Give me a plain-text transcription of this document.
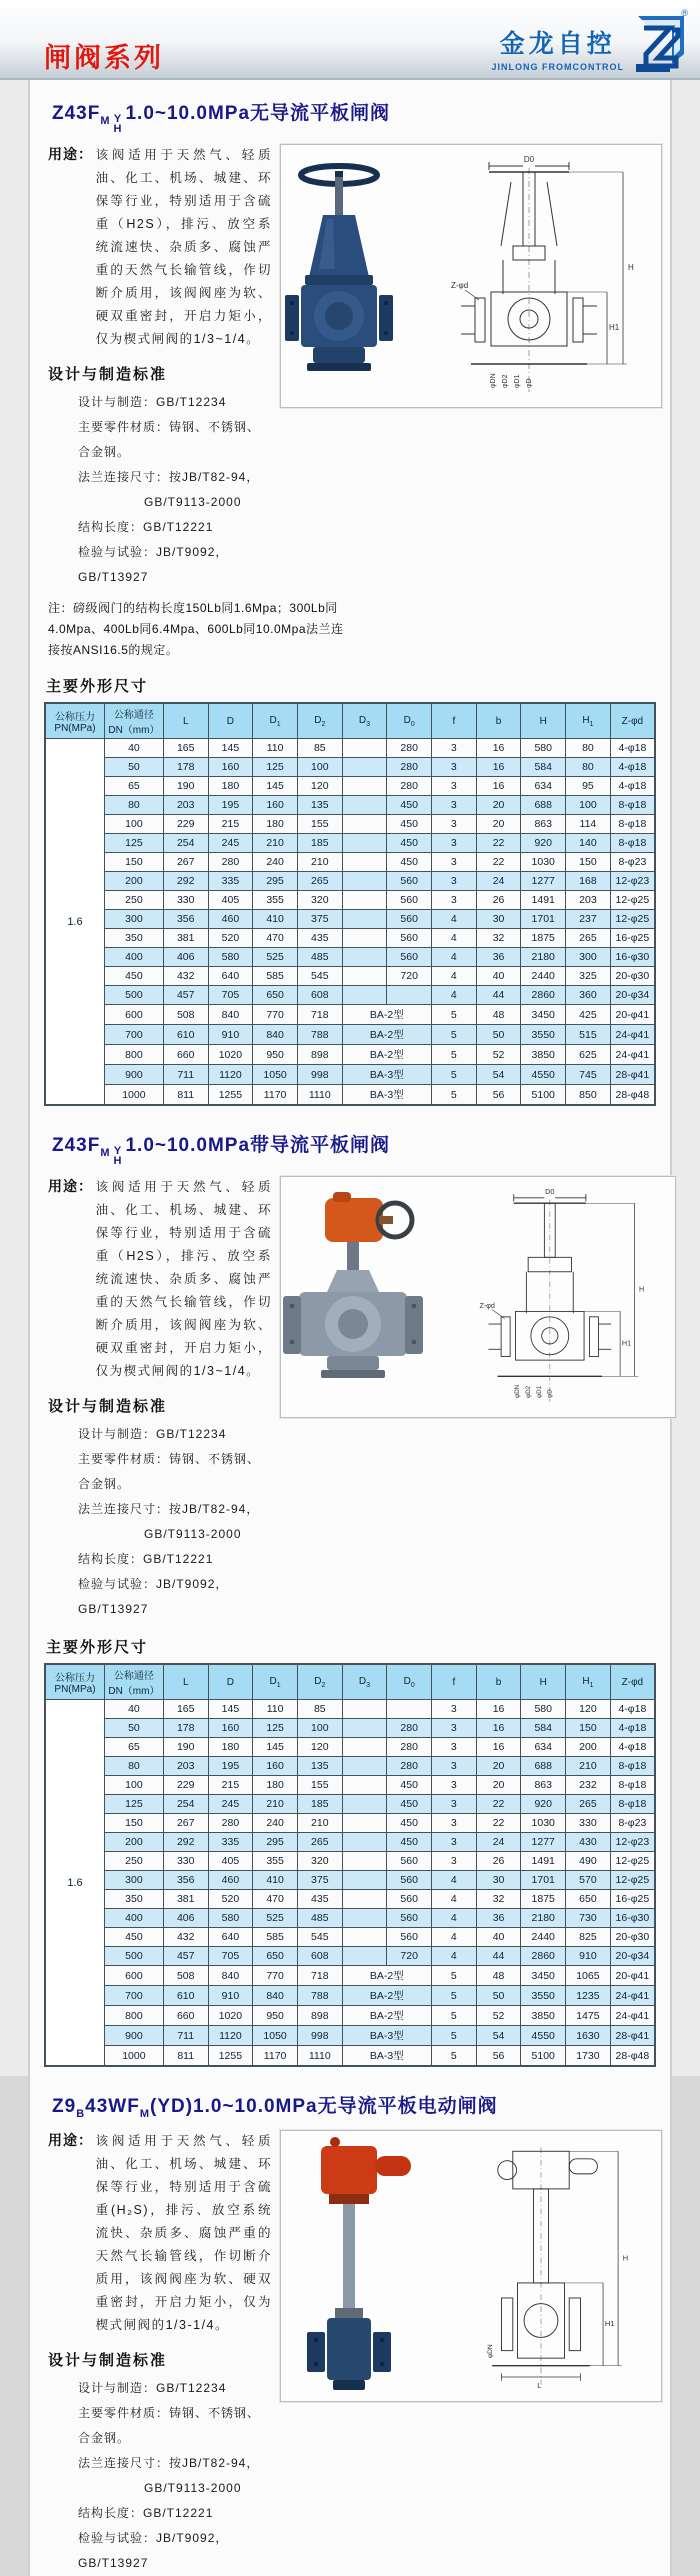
闸阀系列	金龙自控
JINLONG FROMCONTROL
®
$Z43F_M$ Y
H
1.0~10.0MPa无导流平板闸阀
用途： 该阀适用于天然气、轻质油、化工、机场、城建、环保等行业，特别适用于含硫重（H2S），排污、放空系统流速快、杂质多、腐蚀严重的天然气长输管线，作切断介质用，该阀阀座为软、硬双重密封，开启力矩小，仅为楔式闸阀的1/3~1/4。
设计与制造标准
设计与制造：GB/T12234
主要零件材质：铸钢、不锈钢、合金钢。
法兰连接尺寸：按JB/T82-94，
GB/T9113-2000
结构长度：GB/T12221
检验与试验：JB/T9092，GB/T13927
D0
Z-φd
H
H1
φDN φD2 φD1 φD
注：磅级阀门的结构长度150Lb同1.6Mpa；300Lb同4.0Mpa、400Lb同6.4Mpa、600Lb同10.0Mpa法兰连接按ANSI16.5的规定。
主要外形尺寸
公称压力
PN(MPa)	公称通径
DN（mm）	L	D	$D_1$	$D_2$	$D_3$	$D_0$	f	b	H	$H_1$	Z-φd
1.6	40	165	145	110	85		280	3	16	580	80	4-φ18
	50	178	160	125	100		280	3	16	584	80	4-φ18
	65	190	180	145	120		280	3	16	634	95	4-φ18
	80	203	195	160	135		450	3	20	688	100	8-φ18
	100	229	215	180	155		450	3	20	863	114	8-φ18
	125	254	245	210	185		450	3	22	920	140	8-φ18
	150	267	280	240	210		450	3	22	1030	150	8-φ23
	200	292	335	295	265		560	3	24	1277	168	12-φ23
	250	330	405	355	320		560	3	26	1491	203	12-φ25
	300	356	460	410	375		560	4	30	1701	237	12-φ25
	350	381	520	470	435		560	4	32	1875	265	16-φ25
	400	406	580	525	485		560	4	36	2180	300	16-φ30
	450	432	640	585	545		720	4	40	2440	325	20-φ30
	500	457	705	650	608			4	44	2860	360	20-φ34
	600	508	840	770	718	BA-2型		5	48	3450	425	20-φ41
	700	610	910	840	788	BA-2型		5	50	3550	515	24-φ41
	800	660	1020	950	898	BA-2型		5	52	3850	625	24-φ41
	900	711	1120	1050	998	BA-3型		5	54	4550	745	28-φ41
	1000	811	1255	1170	1110	BA-3型		5	56	5100	850	28-φ48
$Z43F_M$ Y
H
1.0~10.0MPa带导流平板闸阀
用途： 该阀适用于天然气、轻质油、化工、机场、城建、环保等行业，特别适用于含硫重（H2S），排污、放空系统流速快、杂质多、腐蚀严重的天然气长输管线，作切断介质用，该阀阀座为软、硬双重密封，开启力矩小，仅为楔式闸阀的1/3~1/4。
设计与制造标准
设计与制造：GB/T12234
主要零件材质：铸钢、不锈钢、合金钢。
法兰连接尺寸：按JB/T82-94，
GB/T9113-2000
结构长度：GB/T12221
检验与试验：JB/T9092，GB/T13927
D0
Z-φd
H
H1
φDN φD2 φD1 φD
主要外形尺寸
公称压力
PN(MPa)	公称通径
DN（mm）	L	D	$D_1$	$D_2$	$D_3$	$D_0$	f	b	H	$H_1$	Z-φd
1.6	40	165	145	110	85			3	16	580	120	4-φ18
	50	178	160	125	100		280	3	16	584	150	4-φ18
	65	190	180	145	120		280	3	16	634	200	4-φ18
	80	203	195	160	135		280	3	20	688	210	8-φ18
	100	229	215	180	155		450	3	20	863	232	8-φ18
	125	254	245	210	185		450	3	22	920	265	8-φ18
	150	267	280	240	210		450	3	22	1030	330	8-φ23
	200	292	335	295	265		450	3	24	1277	430	12-φ23
	250	330	405	355	320		560	3	26	1491	490	12-φ25
	300	356	460	410	375		560	4	30	1701	570	12-φ25
	350	381	520	470	435		560	4	32	1875	650	16-φ25
	400	406	580	525	485		560	4	36	2180	730	16-φ30
	450	432	640	585	545		560	4	40	2440	825	20-φ30
	500	457	705	650	608		720	4	44	2860	910	20-φ34
	600	508	840	770	718	BA-2型		5	48	3450	1065	20-φ41
	700	610	910	840	788	BA-2型		5	50	3550	1235	24-φ41
	800	660	1020	950	898	BA-2型		5	52	3850	1475	24-φ41
	900	711	1120	1050	998	BA-3型		5	54	4550	1630	28-φ41
	1000	811	1255	1170	1110	BA-3型		5	56	5100	1730	28-φ48
$Z9_B43WF_M(YD)1.0\sim 10.0MPa$无导流平板电动闸阀
用途： 该阀适用于天然气、轻质油、化工、机场、城建、环保等行业，特别适用于含硫重(H₂S)，排污、放空系统流快、杂质多、腐蚀严重的天然气长输管线，作切断介质用，该阀阀座为软、硬双重密封，开启力矩小，仅为楔式闸阀的1/3-1/4。
设计与制造标准
设计与制造：GB/T12234
主要零件材质：铸钢、不锈钢、合金钢。
法兰连接尺寸：按JB/T82-94，
GB/T9113-2000
结构长度：GB/T12221
检验与试验：JB/T9092，GB/T13927
H
H1
L
φDN
